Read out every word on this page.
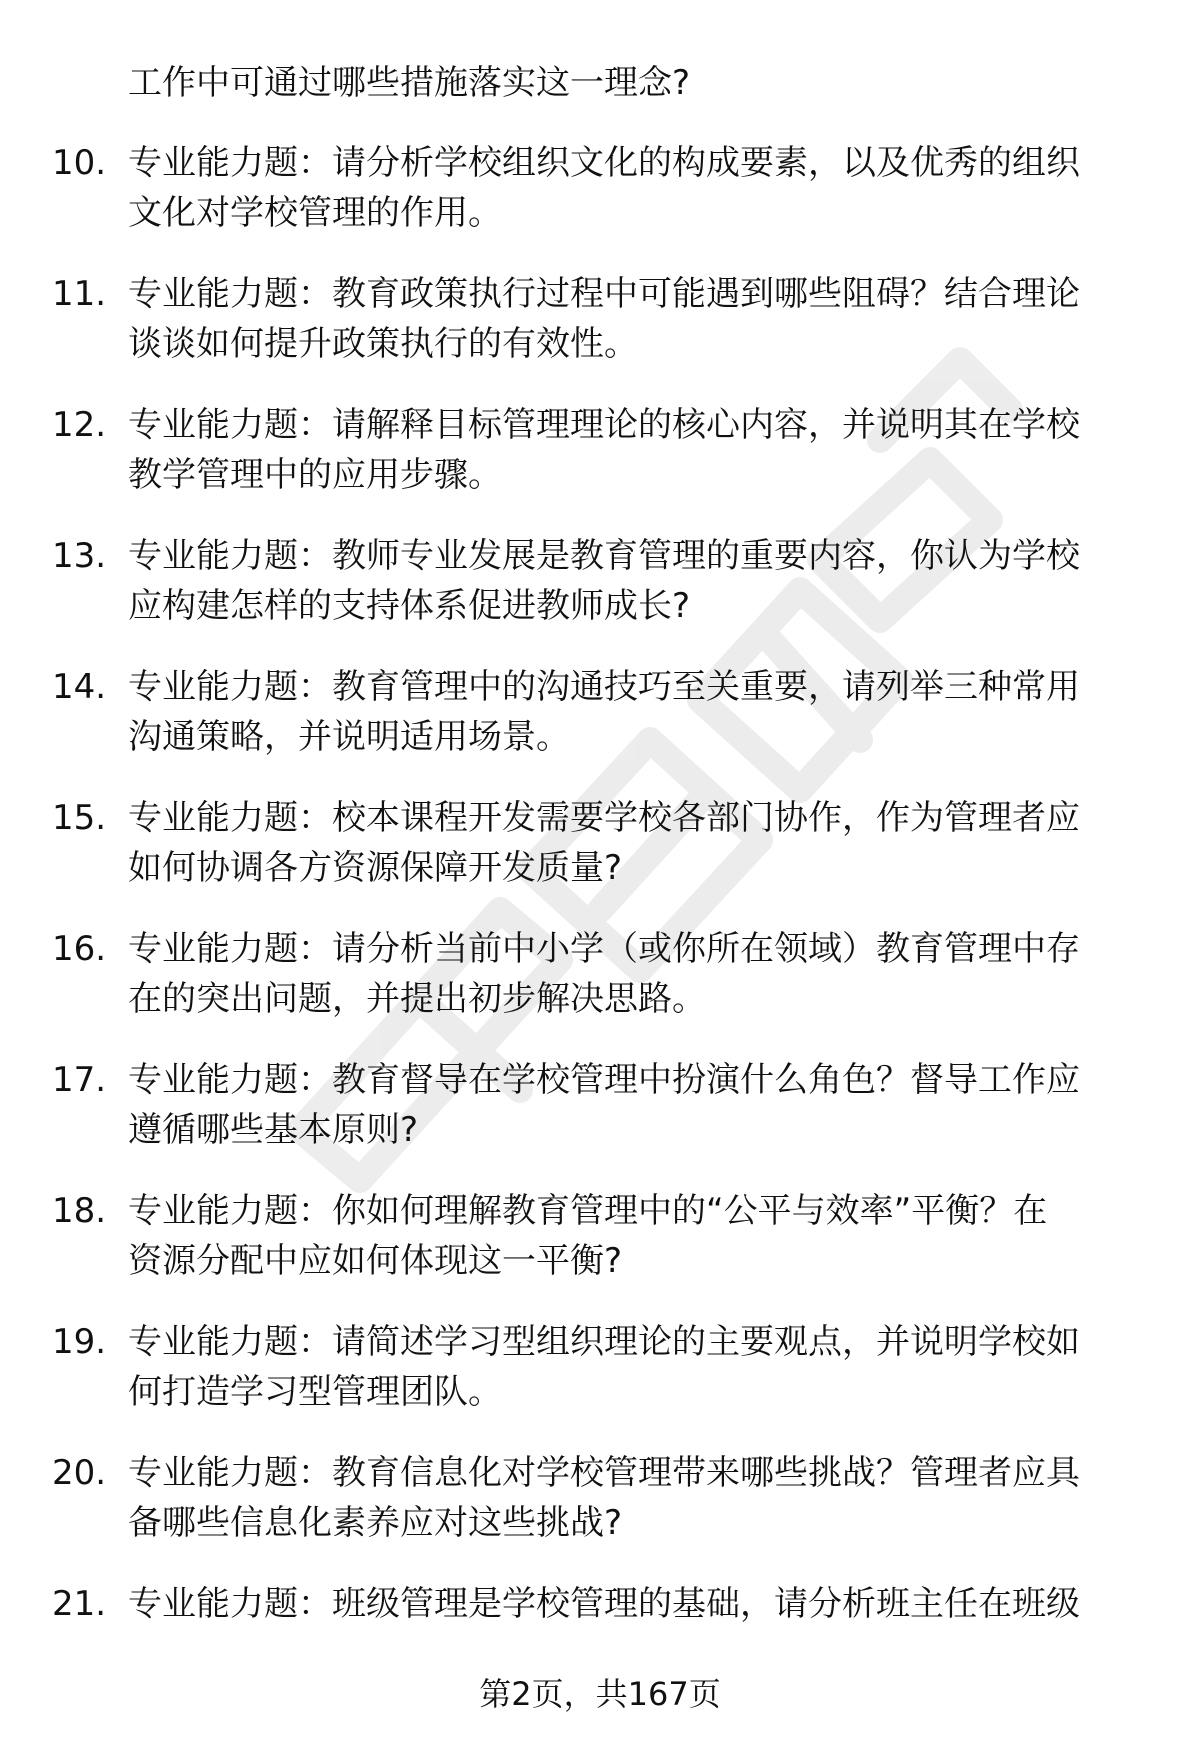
工作中可通过哪些措施落实这一理念?
10. 专业能力题：请分析学校组织文化的构成要素，以及优秀的组织
文化对学校管理的作用。
11. 专业能力题：教育政策执行过程中可能遇到哪些阻碍？结合理论
谈谈如何提升政策执行的有效性。
12. 专业能力题：请解释目标管理理论的核心内容，并说明其在学校
教学管理中的应用步骤。
13. 专业能力题：教师专业发展是教育管理的重要内容，你认为学校
应构建怎样的支持体系促进教师成长?
14. 专业能力题：教育管理中的沟通技巧至关重要，请列举三种常用
沟通策略，并说明适用场景。
15. 专业能力题：校本课程开发需要学校各部门协作，作为管理者应
如何协调各方资源保障开发质量?
16. 专业能力题：请分析当前中小学（或你所在领域）教育管理中存
在的突出问题，并提出初步解决思路。
17. 专业能力题：教育督导在学校管理中扮演什么角色？督导工作应
遵循哪些基本原则?
18. 专业能力题：你如何理解教育管理中的“公平与效率”平衡？在
资源分配中应如何体现这一平衡?
19. 专业能力题：请简述学习型组织理论的主要观点，并说明学校如
何打造学习型管理团队。
20. 专业能力题：教育信息化对学校管理带来哪些挑战？管理者应具
备哪些信息化素养应对这些挑战?
21. 专业能力题：班级管理是学校管理的基础，请分析班主任在班级
第2页，共167页
